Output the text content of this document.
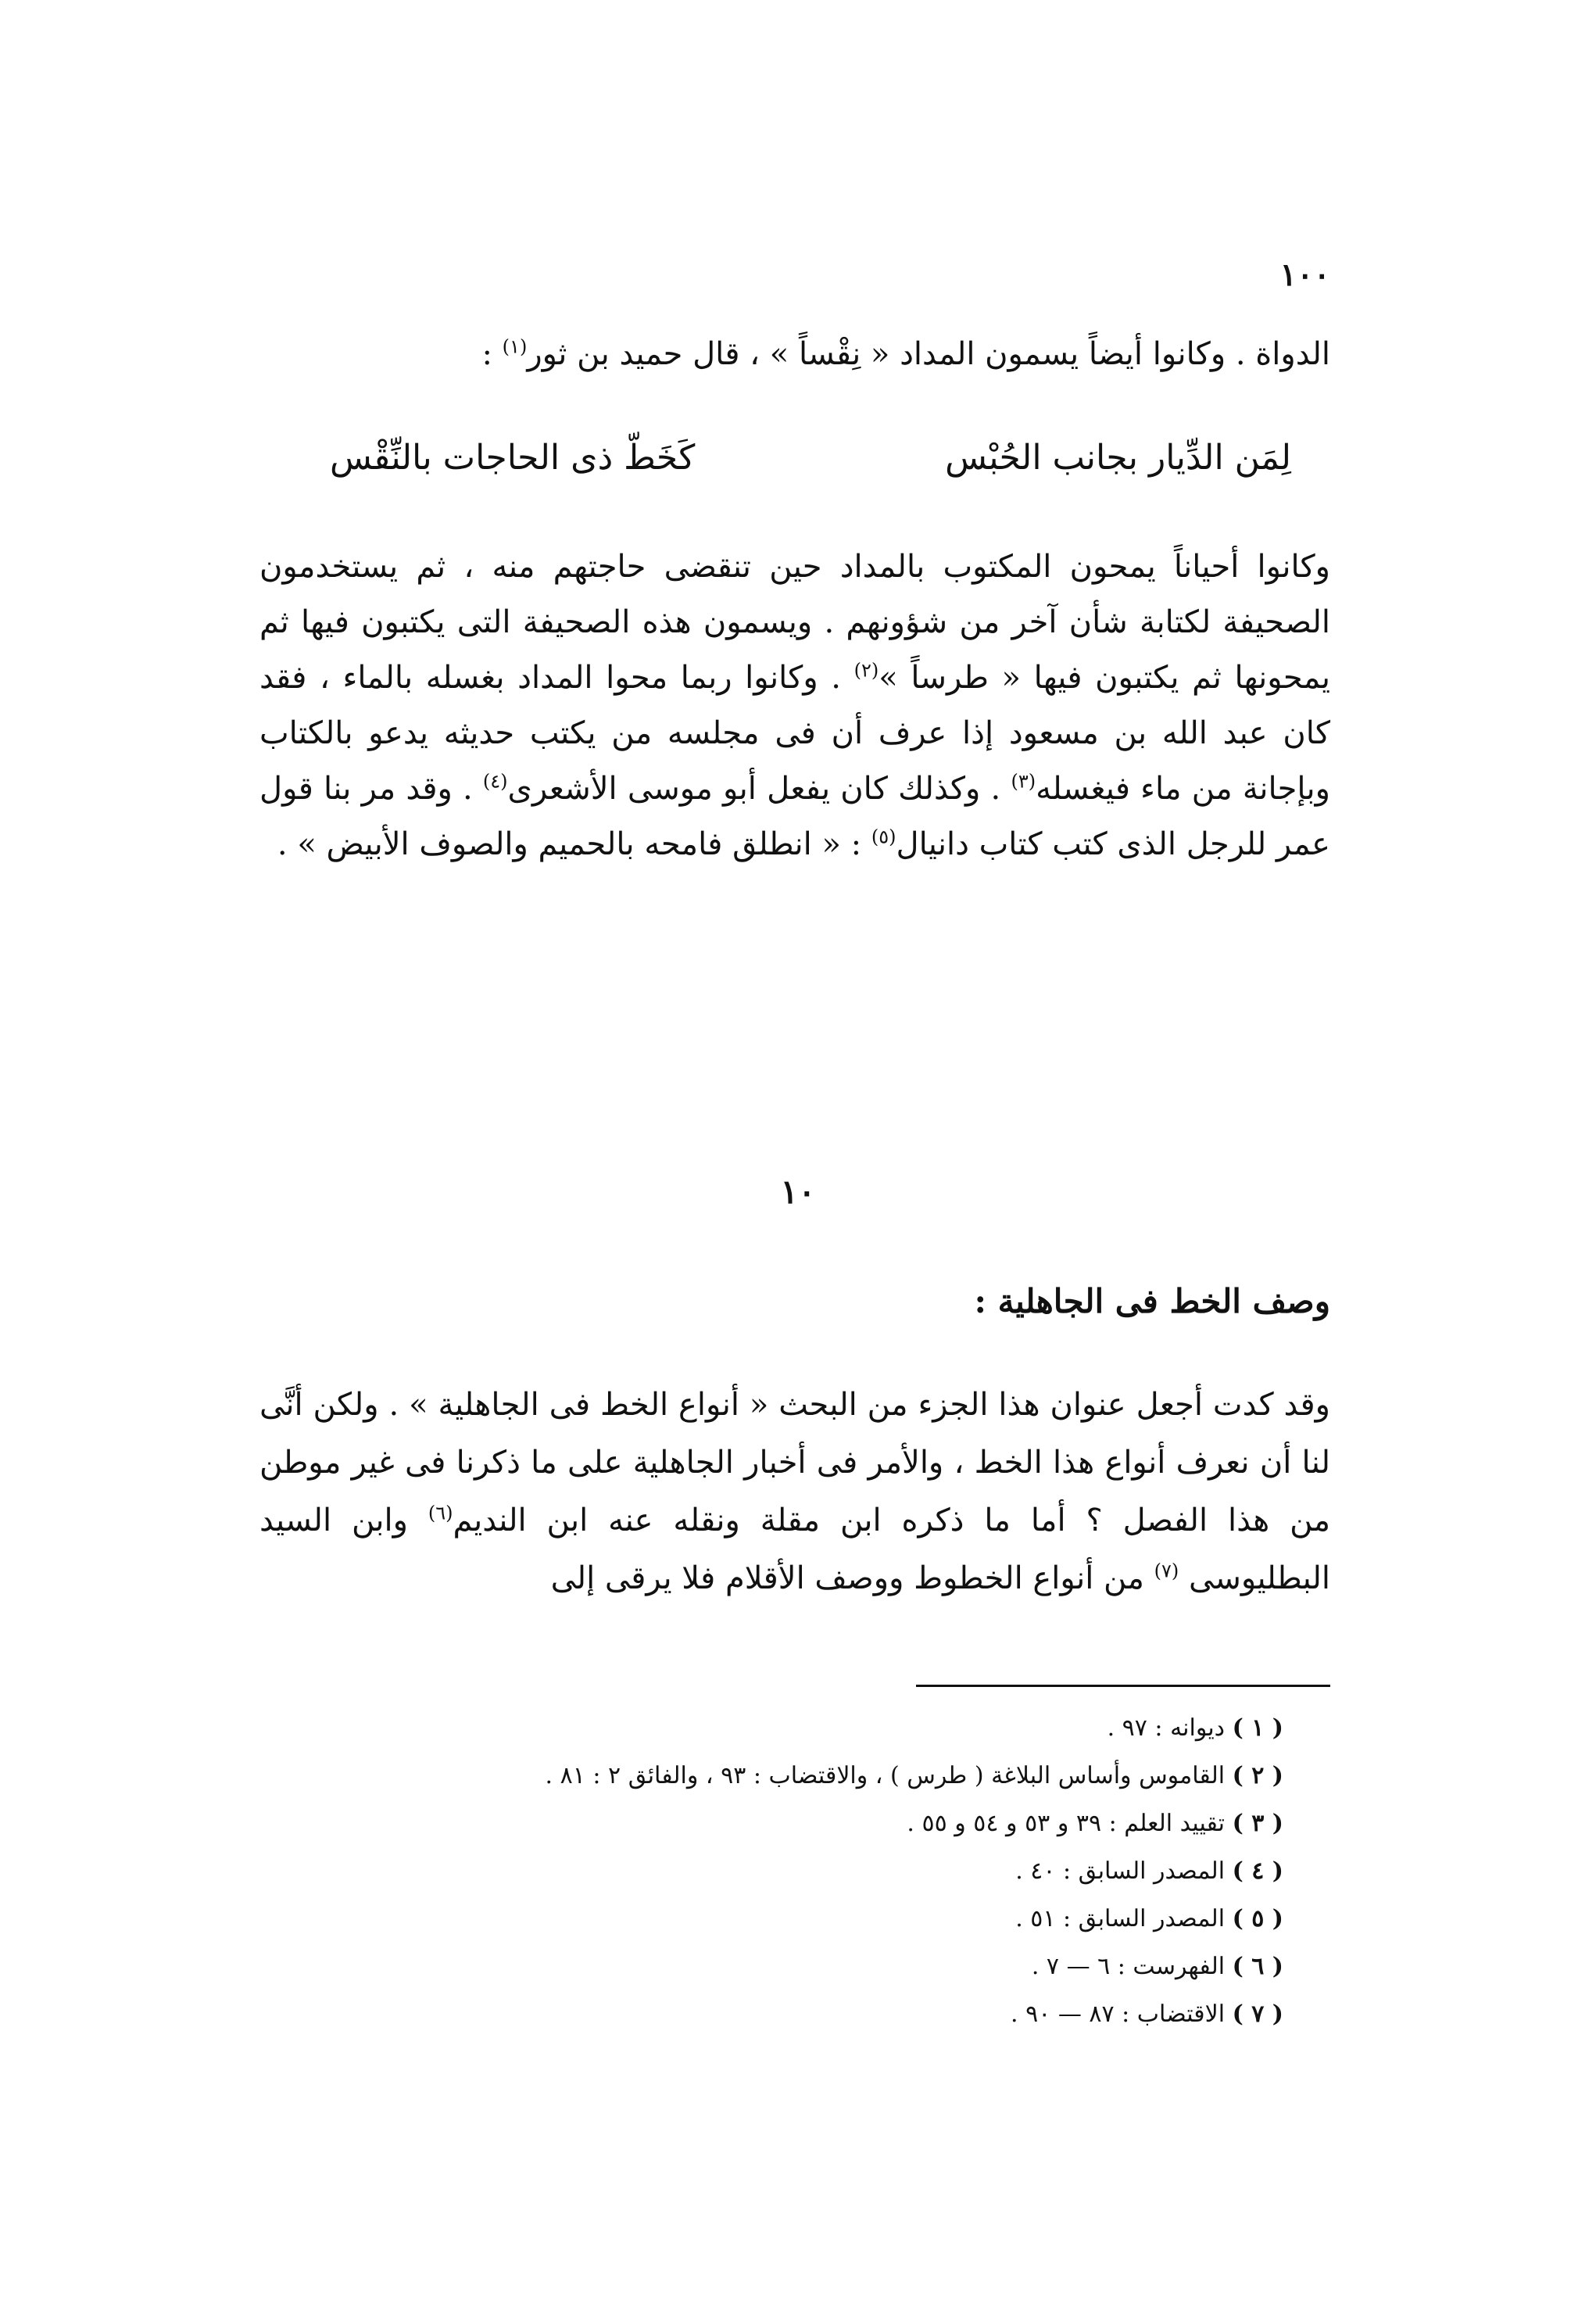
١٠٠
الدواة . وكانوا أيضاً يسمون المداد « نِقْساً » ، قال حميد بن ثور$^{(١)}$ :
لِمَن الدِّيار بجانب الحُبْس
كَخَطّ ذى الحاجات بالنِّقْس
وكانوا أحياناً يمحون المكتوب بالمداد حين تنقضى حاجتهم منه ، ثم يستخدمون الصحيفة لكتابة شأن آخر من شؤونهم . ويسمون هذه الصحيفة التى يكتبون فيها ثم يمحونها ثم يكتبون فيها « طرساً »$^{(٢)}$ . وكانوا ربما محوا المداد بغسله بالماء ، فقد كان عبد الله بن مسعود إذا عرف أن فى مجلسه من يكتب حديثه يدعو بالكتاب وبإجانة من ماء فيغسله$^{(٣)}$ . وكذلك كان يفعل أبو موسى الأشعرى$^{(٤)}$ . وقد مر بنا قول عمر للرجل الذى كتب كتاب دانيال$^{(٥)}$ : « انطلق فامحه بالحميم والصوف الأبيض » .
١٠
وصف الخط فى الجاهلية :
وقد كدت أجعل عنوان هذا الجزء من البحث « أنواع الخط فى الجاهلية » . ولكن أنَّى لنا أن نعرف أنواع هذا الخط ، والأمر فى أخبار الجاهلية على ما ذكرنا فى غير موطن من هذا الفصل ؟ أما ما ذكره ابن مقلة ونقله عنه ابن النديم$^{(٦)}$ وابن السيد البطليوسى $^{(٧)}$ من أنواع الخطوط ووصف الأقلام فلا يرقى إلى
( ١ ) ديوانه : ٩٧ .
( ٢ ) القاموس وأساس البلاغة ( طرس ) ، والاقتضاب : ٩٣ ، والفائق ٢ : ٨١ .
( ٣ ) تقييد العلم : ٣٩ و ٥٣ و ٥٤ و ٥٥ .
( ٤ ) المصدر السابق : ٤٠ .
( ٥ ) المصدر السابق : ٥١ .
( ٦ ) الفهرست : ٦ — ٧ .
( ٧ ) الاقتضاب : ٨٧ — ٩٠ .
